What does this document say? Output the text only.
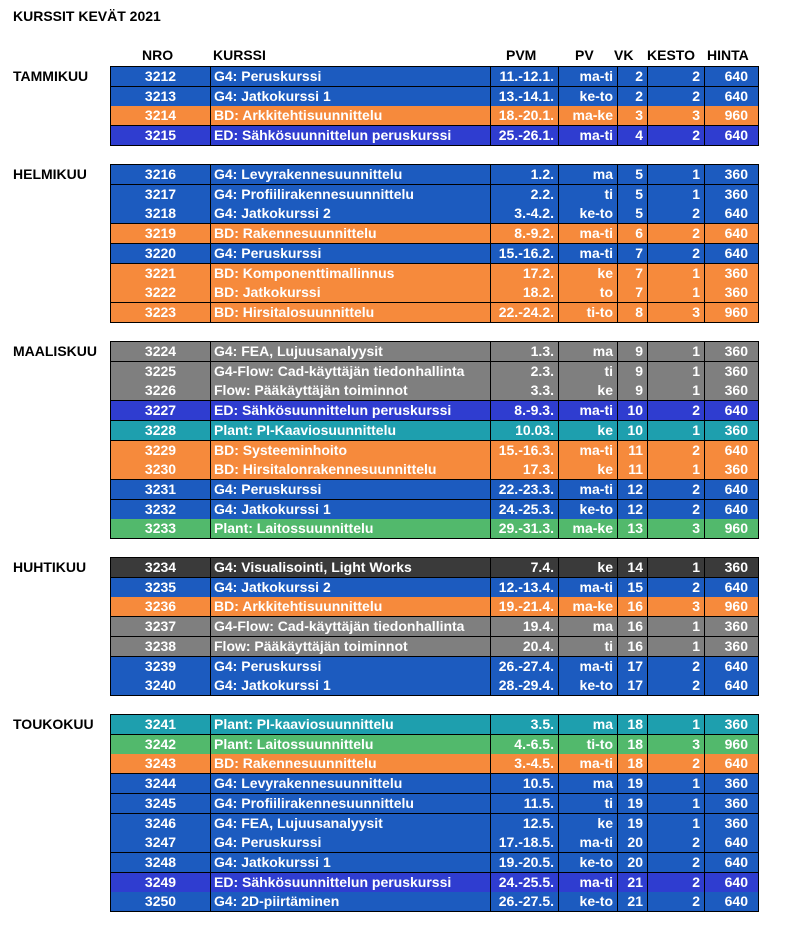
KURSSIT KEVÄT 2021
NRO	KURSSI	PVM	PV VK KESTO HINTA
TAMMIKUU	3212	G4: Peruskurssi	11.-12.1.	ma-ti	2	2	640
3213	G4: Jatkokurssi 1	13.-14.1.	ke-to	2	2	640
3214	BD: Arkkitehtisuunnittelu	18.-20.1.	ma-ke	3	3	960
3215	ED: Sähkösuunnittelun peruskurssi	25.-26.1.	ma-ti	4	2	640
HELMIKUU	3216	G4: Levyrakennesuunnittelu	1.2.	ma	5	1	360
3217	G4: Profiilirakennesuunnittelu	2.2.	ti	5	1	360
3218	G4: Jatkokurssi 2	3.-4.2.	ke-to	5	2	640
3219	BD: Rakennesuunnittelu	8.-9.2.	ma-ti	6	2	640
3220	G4: Peruskurssi	15.-16.2.	ma-ti	7	2	640
3221	BD: Komponenttimallinnus	17.2.	ke	7	1	360
3222	BD: Jatkokurssi	18.2.	to	7	1	360
3223	BD: Hirsitalosuunnittelu	22.-24.2.	ti-to	8	3	960
MAALISKUU	3224	G4: FEA, Lujuusanalyysit	1.3.	ma	9	1	360
3225	G4-Flow: Cad-käyttäjän tiedonhallinta	2.3.	ti	9	1	360
3226	Flow: Pääkäyttäjän toiminnot	3.3.	ke	9	1	360
3227	ED: Sähkösuunnittelun peruskurssi	8.-9.3.	ma-ti	10	2	640
3228	Plant: PI-Kaaviosuunnittelu	10.03.	ke	10	1	360
3229	BD: Systeeminhoito	15.-16.3.	ma-ti	11	2	640
3230	BD: Hirsitalonrakennesuunnittelu	17.3.	ke	11	1	360
3231	G4: Peruskurssi	22.-23.3.	ma-ti	12	2	640
3232	G4: Jatkokurssi 1	24.-25.3.	ke-to	12	2	640
3233	Plant: Laitossuunnittelu	29.-31.3.	ma-ke	13	3	960
HUHTIKUU	3234	G4: Visualisointi, Light Works	7.4.	ke	14	1	360
3235	G4: Jatkokurssi 2	12.-13.4.	ma-ti	15	2	640
3236	BD: Arkkitehtisuunnittelu	19.-21.4.	ma-ke	16	3	960
3237	G4-Flow: Cad-käyttäjän tiedonhallinta	19.4.	ma	16	1	360
3238	Flow: Pääkäyttäjän toiminnot	20.4.	ti	16	1	360
3239	G4: Peruskurssi	26.-27.4.	ma-ti	17	2	640
3240	G4: Jatkokurssi 1	28.-29.4.	ke-to	17	2	640
TOUKOKUU	3241	Plant: PI-kaaviosuunnittelu	3.5.	ma	18	1	360
3242	Plant: Laitossuunnittelu	4.-6.5.	ti-to	18	3	960
3243	BD: Rakennesuunnittelu	3.-4.5.	ma-ti	18	2	640
3244	G4: Levyrakennesuunnittelu	10.5.	ma	19	1	360
3245	G4: Profiilirakennesuunnittelu	11.5.	ti	19	1	360
3246	G4: FEA, Lujuusanalyysit	12.5.	ke	19	1	360
3247	G4: Peruskurssi	17.-18.5.	ma-ti	20	2	640
3248	G4: Jatkokurssi 1	19.-20.5.	ke-to	20	2	640
3249	ED: Sähkösuunnittelun peruskurssi	24.-25.5.	ma-ti	21	2	640
3250	G4: 2D-piirtäminen	26.-27.5.	ke-to	21	2	640
